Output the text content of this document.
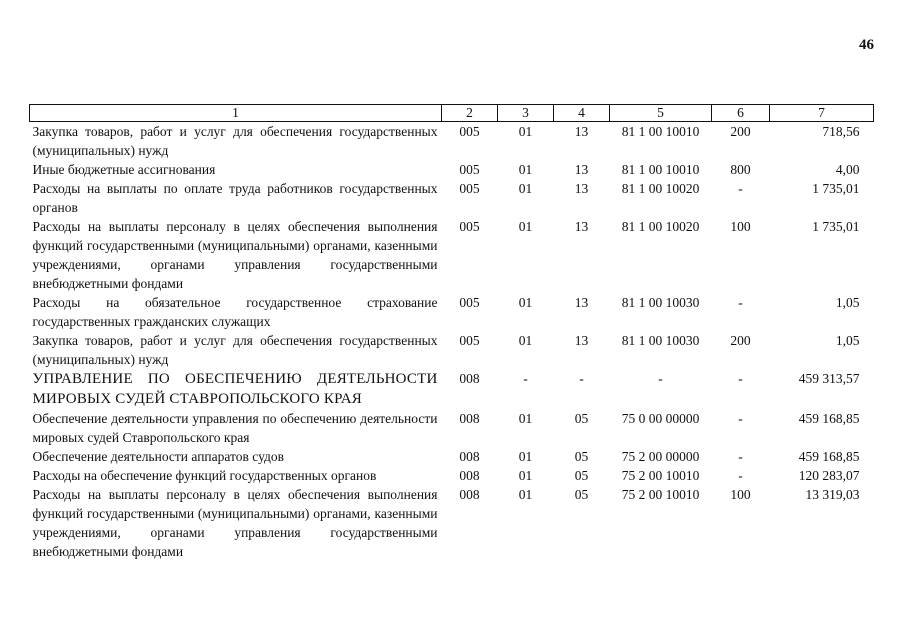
46
1	2	3	4	5	6	7
Закупка товаров, работ и услуг для обеспечения государственных (муниципальных) нужд	005	01	13	81 1 00 10010	200	718,56
Иные бюджетные ассигнования	005	01	13	81 1 00 10010	800	4,00
Расходы на выплаты по оплате труда работников государственных органов	005	01	13	81 1 00 10020	-	1 735,01
Расходы на выплаты персоналу в целях обеспечения выполнения функций государственными (муниципальными) органами, казенными учреждениями, органами управления государственными внебюджетными фондами	005	01	13	81 1 00 10020	100	1 735,01
Расходы на обязательное государственное страхование государственных гражданских служащих	005	01	13	81 1 00 10030	-	1,05
Закупка товаров, работ и услуг для обеспечения государственных (муниципальных) нужд	005	01	13	81 1 00 10030	200	1,05
УПРАВЛЕНИЕ ПО ОБЕСПЕЧЕНИЮ ДЕЯТЕЛЬНОСТИ МИРОВЫХ СУДЕЙ СТАВРОПОЛЬСКОГО КРАЯ	008	-	-	-	-	459 313,57
Обеспечение деятельности управления по обеспечению деятельности мировых судей Ставропольского края	008	01	05	75 0 00 00000	-	459 168,85
Обеспечение деятельности аппаратов судов	008	01	05	75 2 00 00000	-	459 168,85
Расходы на обеспечение функций государственных органов	008	01	05	75 2 00 10010	-	120 283,07
Расходы на выплаты персоналу в целях обеспечения выполнения функций государственными (муниципальными) органами, казенными учреждениями, органами управления государственными внебюджетными фондами	008	01	05	75 2 00 10010	100	13 319,03
